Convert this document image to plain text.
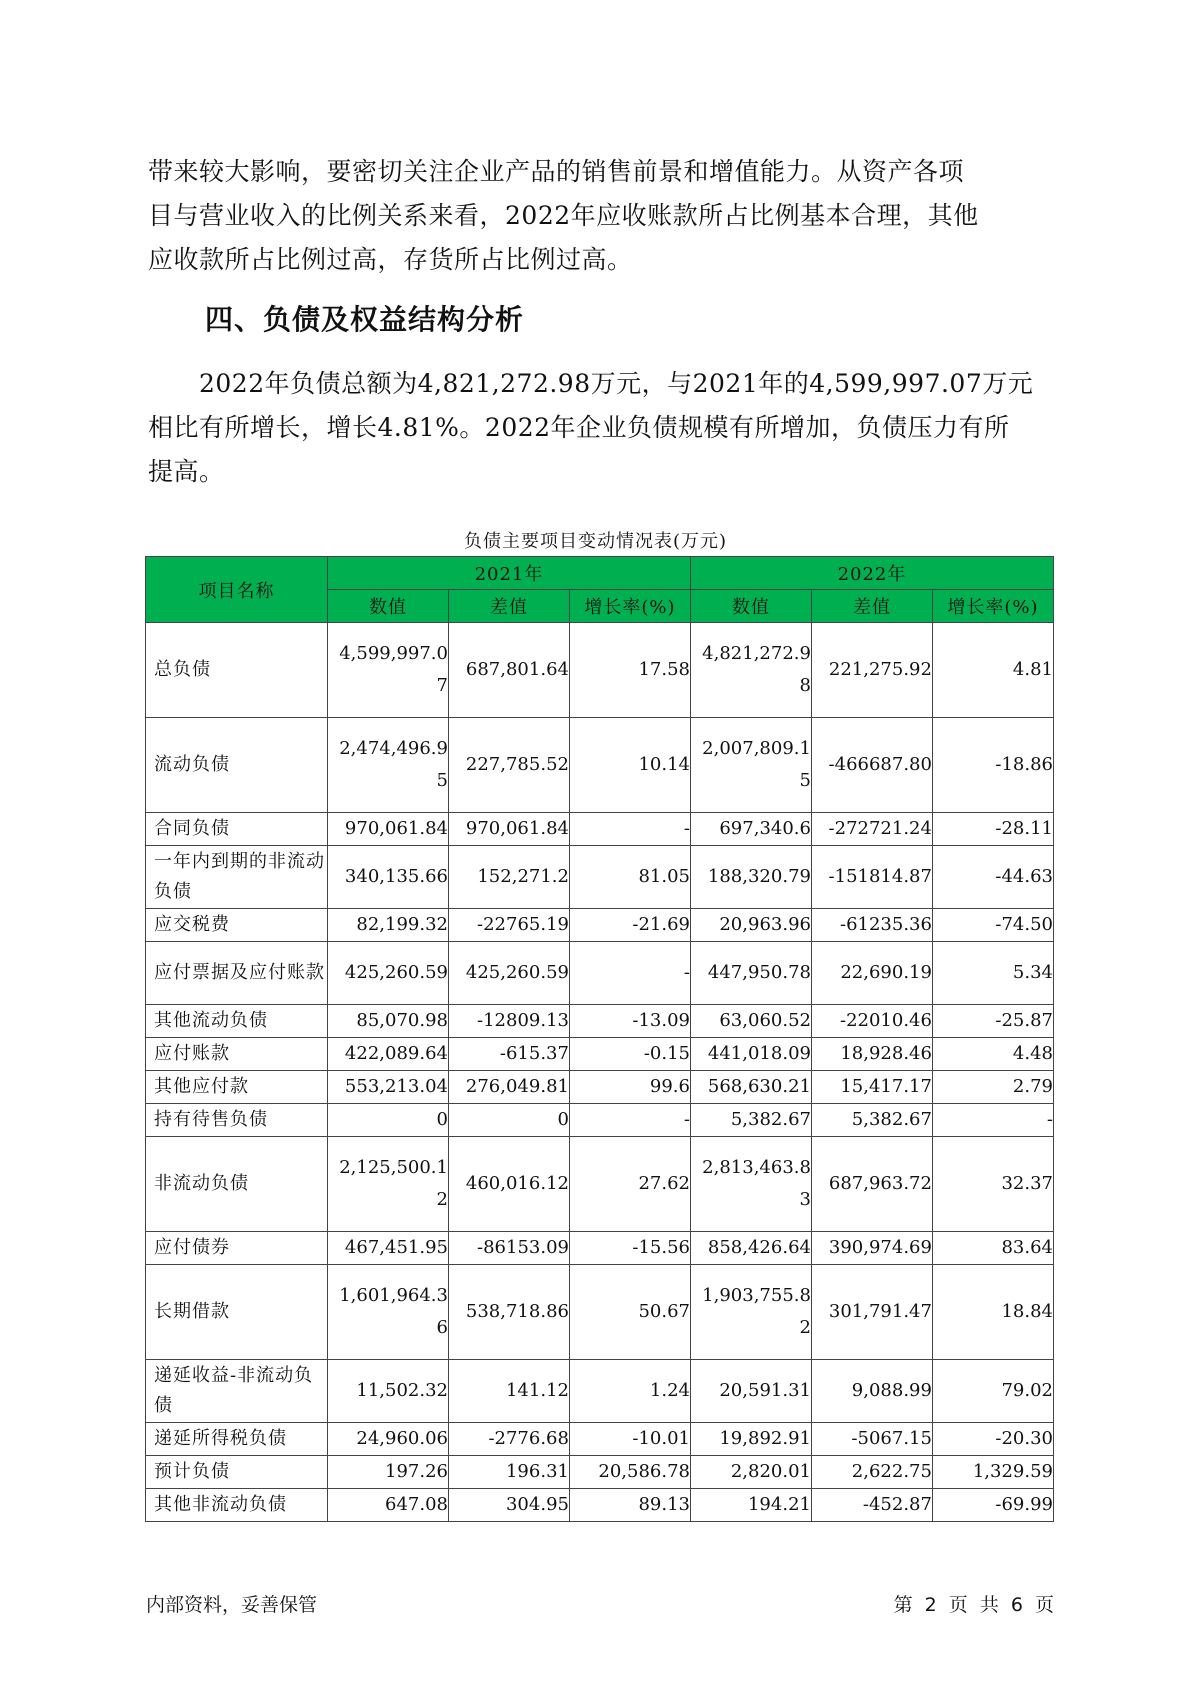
带来较大影响，要密切关注企业产品的销售前景和增值能力。从资产各项
目与营业收入的比例关系来看，2022年应收账款所占比例基本合理，其他
应收款所占比例过高，存货所占比例过高。

四、负债及权益结构分析

　　2022年负债总额为4,821,272.98万元，与2021年的4,599,997.07万元
相比有所增长，增长4.81%。2022年企业负债规模有所增加，负债压力有所
提高。

负债主要项目变动情况表(万元)
项目名称	2021年			2022年		
	数值	差值	增长率(%)	数值	差值	增长率(%)
总负债	4,599,997.07	687,801.64	17.58	4,821,272.98	221,275.92	4.81
流动负债	2,474,496.95	227,785.52	10.14	2,007,809.15	-466687.80	-18.86
合同负债	970,061.84	970,061.84	-	697,340.6	-272721.24	-28.11
一年内到期的非流动负债	340,135.66	152,271.2	81.05	188,320.79	-151814.87	-44.63
应交税费	82,199.32	-22765.19	-21.69	20,963.96	-61235.36	-74.50
应付票据及应付账款	425,260.59	425,260.59	-	447,950.78	22,690.19	5.34
其他流动负债	85,070.98	-12809.13	-13.09	63,060.52	-22010.46	-25.87
应付账款	422,089.64	-615.37	-0.15	441,018.09	18,928.46	4.48
其他应付款	553,213.04	276,049.81	99.6	568,630.21	15,417.17	2.79
持有待售负债	0	0	-	5,382.67	5,382.67	-
非流动负债	2,125,500.12	460,016.12	27.62	2,813,463.83	687,963.72	32.37
应付债券	467,451.95	-86153.09	-15.56	858,426.64	390,974.69	83.64
长期借款	1,601,964.36	538,718.86	50.67	1,903,755.82	301,791.47	18.84
递延收益-非流动负债	11,502.32	141.12	1.24	20,591.31	9,088.99	79.02
递延所得税负债	24,960.06	-2776.68	-10.01	19,892.91	-5067.15	-20.30
预计负债	197.26	196.31	20,586.78	2,820.01	2,622.75	1,329.59
其他非流动负债	647.08	304.95	89.13	194.21	-452.87	-69.99
内部资料，妥善保管	第 2 页 共 6 页
